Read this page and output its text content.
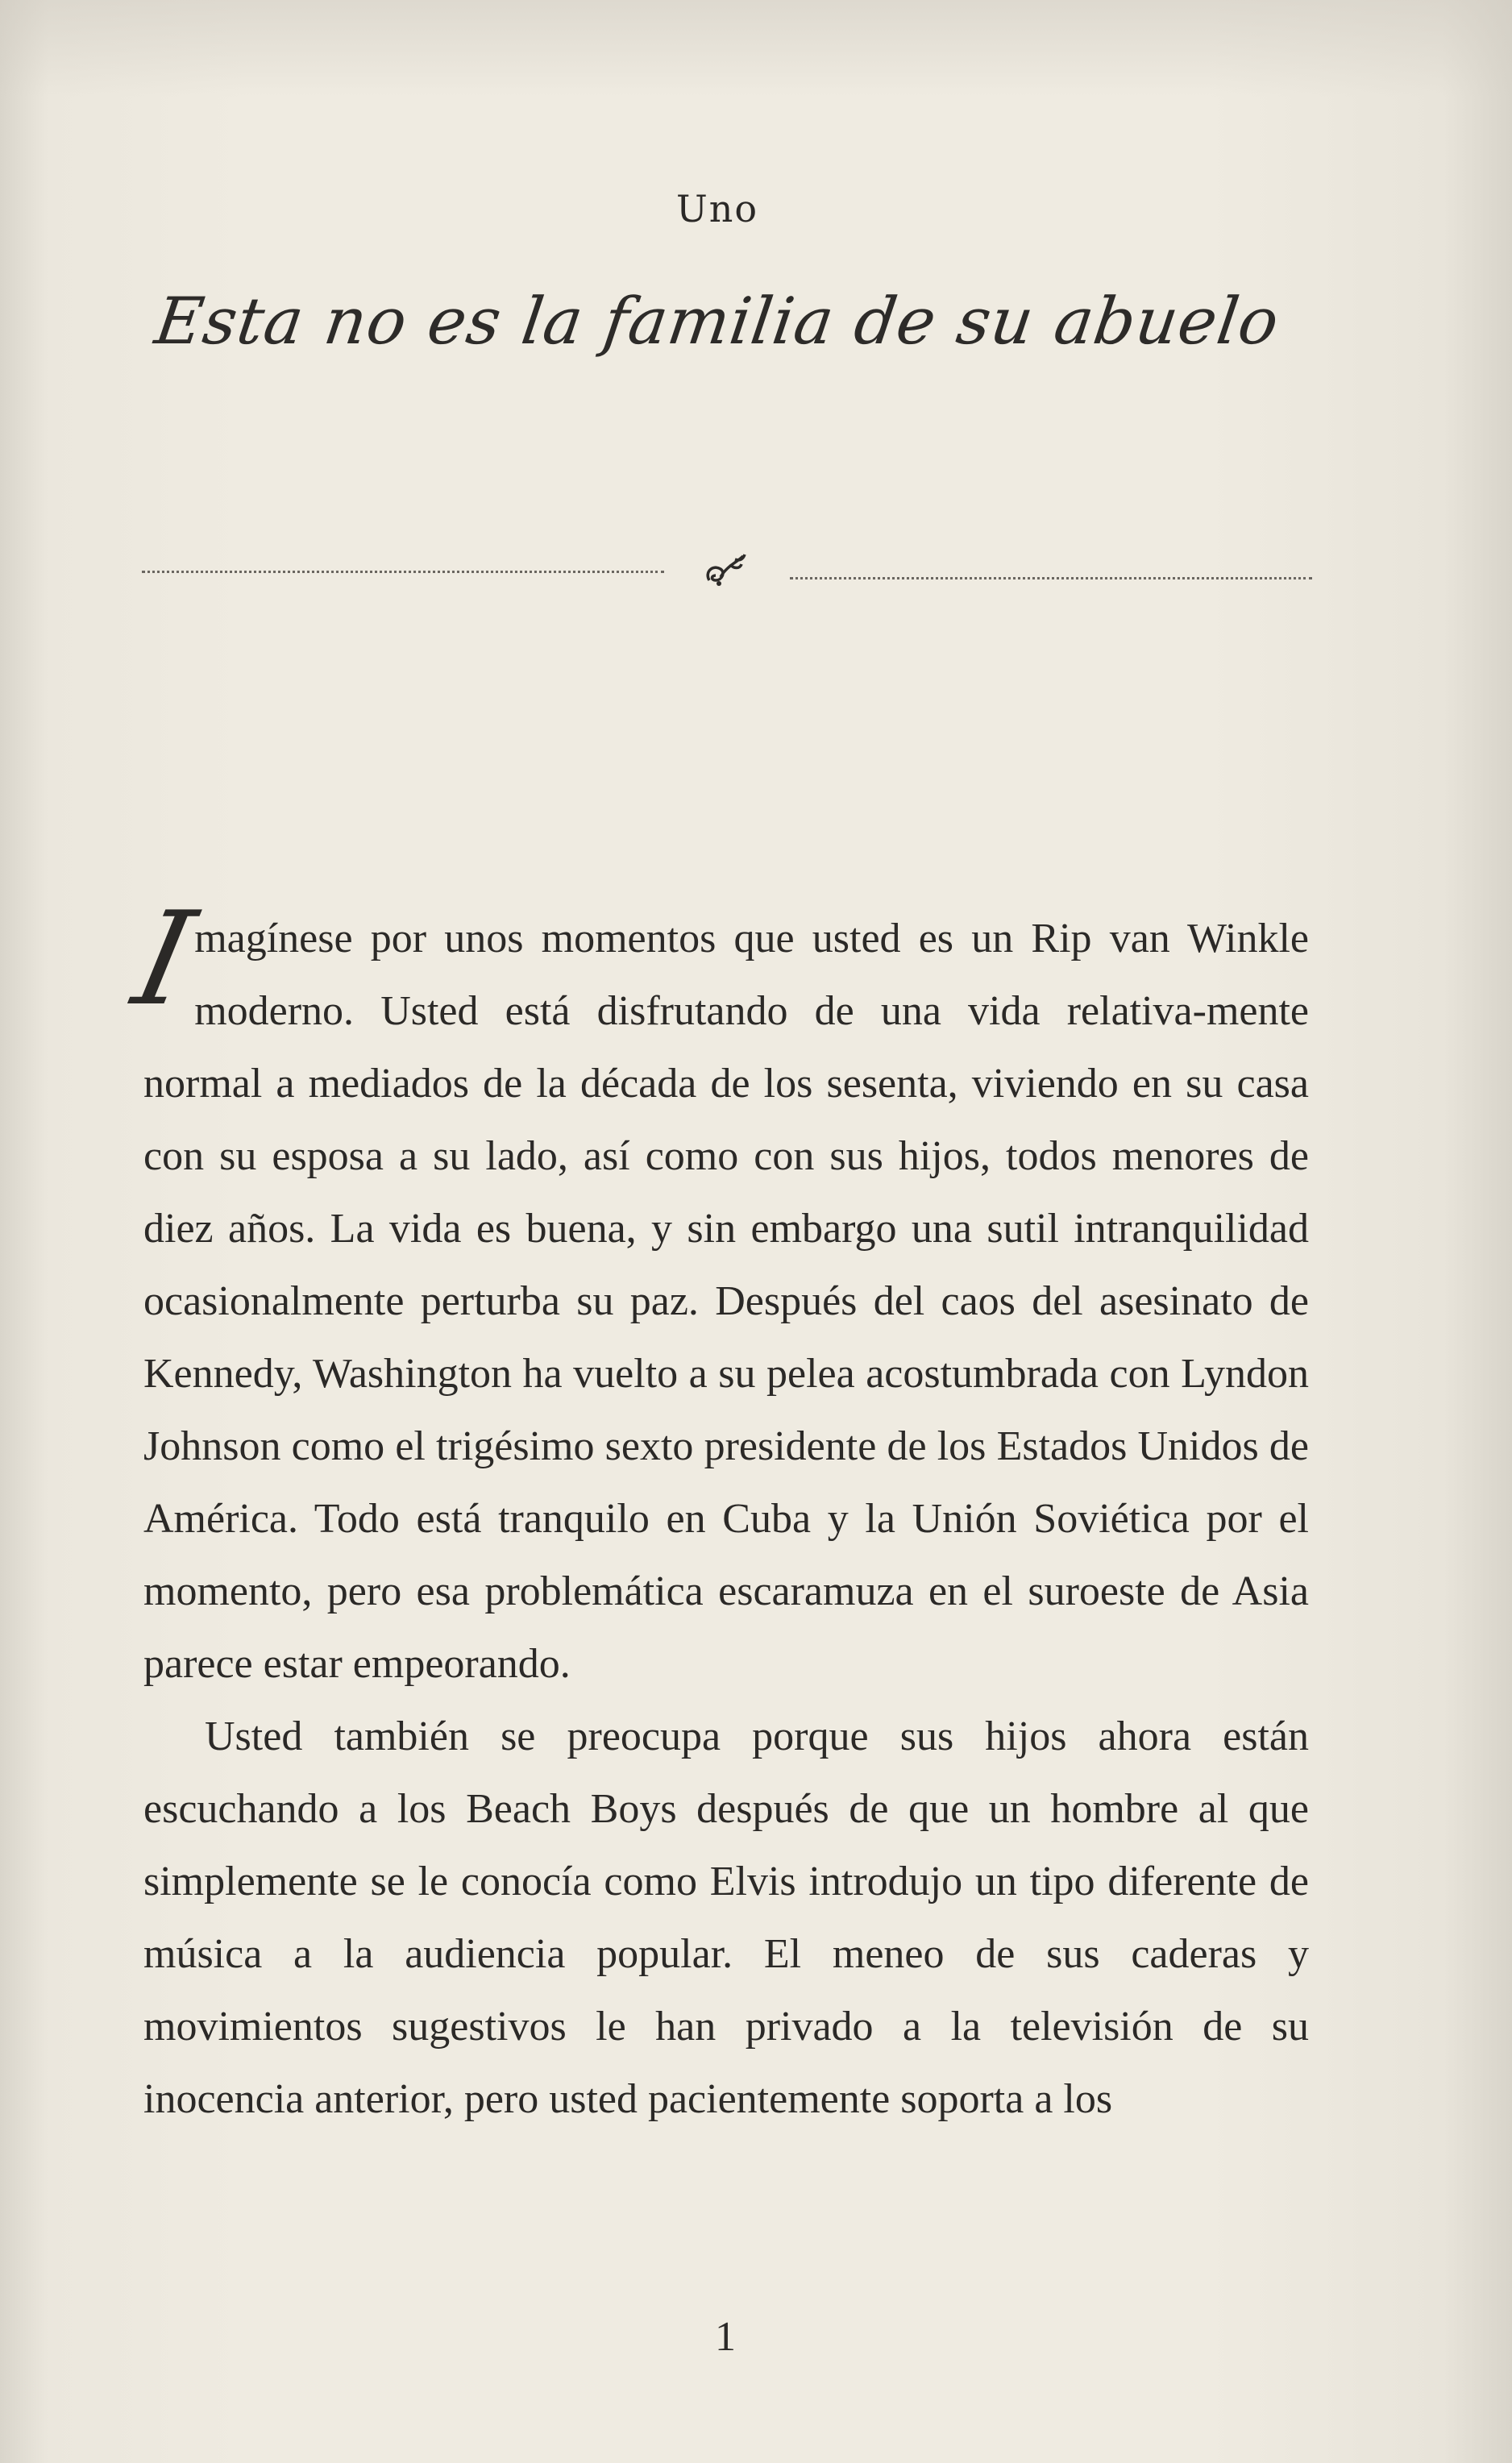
Uno
Esta no es la familia de su abuelo

I
magínese por unos momentos que usted es un Rip van Winkle moderno. Usted está disfrutando de una vida relativa-mente normal a mediados de la década de los sesenta, viviendo en su casa con su esposa a su lado, así como con sus hijos, todos menores de diez años. La vida es buena, y sin embargo una sutil intranquilidad ocasionalmente perturba su paz. Después del caos del asesinato de Kennedy, Washington ha vuelto a su pelea acostumbrada con Lyndon Johnson como el trigésimo sexto presidente de los Estados Unidos de América. Todo está tranquilo en Cuba y la Unión Soviética por el momento, pero esa problemática escaramuza en el suroeste de Asia parece estar empeorando.

Usted también se preocupa porque sus hijos ahora están escuchando a los Beach Boys después de que un hombre al que simplemente se le conocía como Elvis introdujo un tipo diferente de música a la audiencia popular. El meneo de sus caderas y movimientos sugestivos le han privado a la televisión de su inocencia anterior, pero usted pacientemente soporta a los

1
